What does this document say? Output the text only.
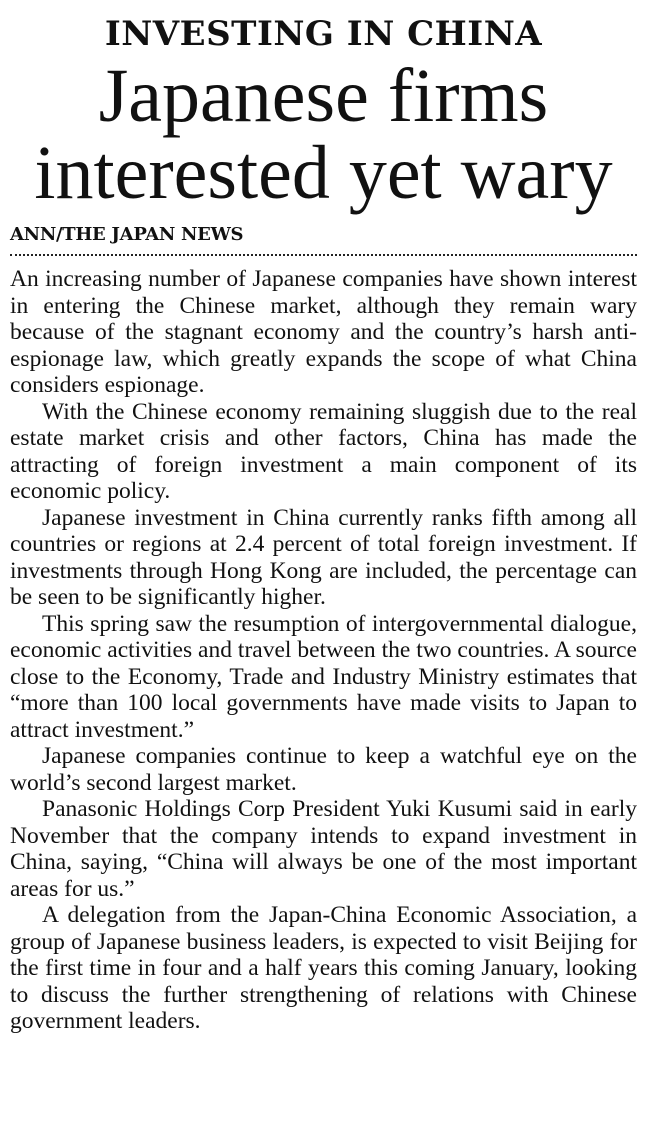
INVESTING IN CHINA
Japanese firms interested yet wary
ANN/THE JAPAN NEWS

An increasing number of Japanese companies have shown interest in entering the Chinese market, although they remain wary because of the stagnant economy and the country’s harsh anti-espionage law, which greatly expands the scope of what China considers espionage.

With the Chinese economy remaining sluggish due to the real estate market crisis and other factors, China has made the attracting of foreign investment a main component of its economic policy.

Japanese investment in China currently ranks fifth among all countries or regions at 2.4 percent of total foreign investment. If investments through Hong Kong are included, the percentage can be seen to be significantly higher.

This spring saw the resumption of intergovernmental dialogue, economic activities and travel between the two countries. A source close to the Economy, Trade and Industry Ministry estimates that “more than 100 local governments have made visits to Japan to attract investment.”

Japanese companies continue to keep a watchful eye on the world’s second largest market.

Panasonic Holdings Corp President Yuki Kusumi said in early November that the company intends to expand investment in China, saying, “China will always be one of the most important areas for us.”

A delegation from the Japan-China Economic Association, a group of Japanese business leaders, is expected to visit Beijing for the first time in four and a half years this coming January, looking to discuss the further strengthening of relations with Chinese government leaders.
